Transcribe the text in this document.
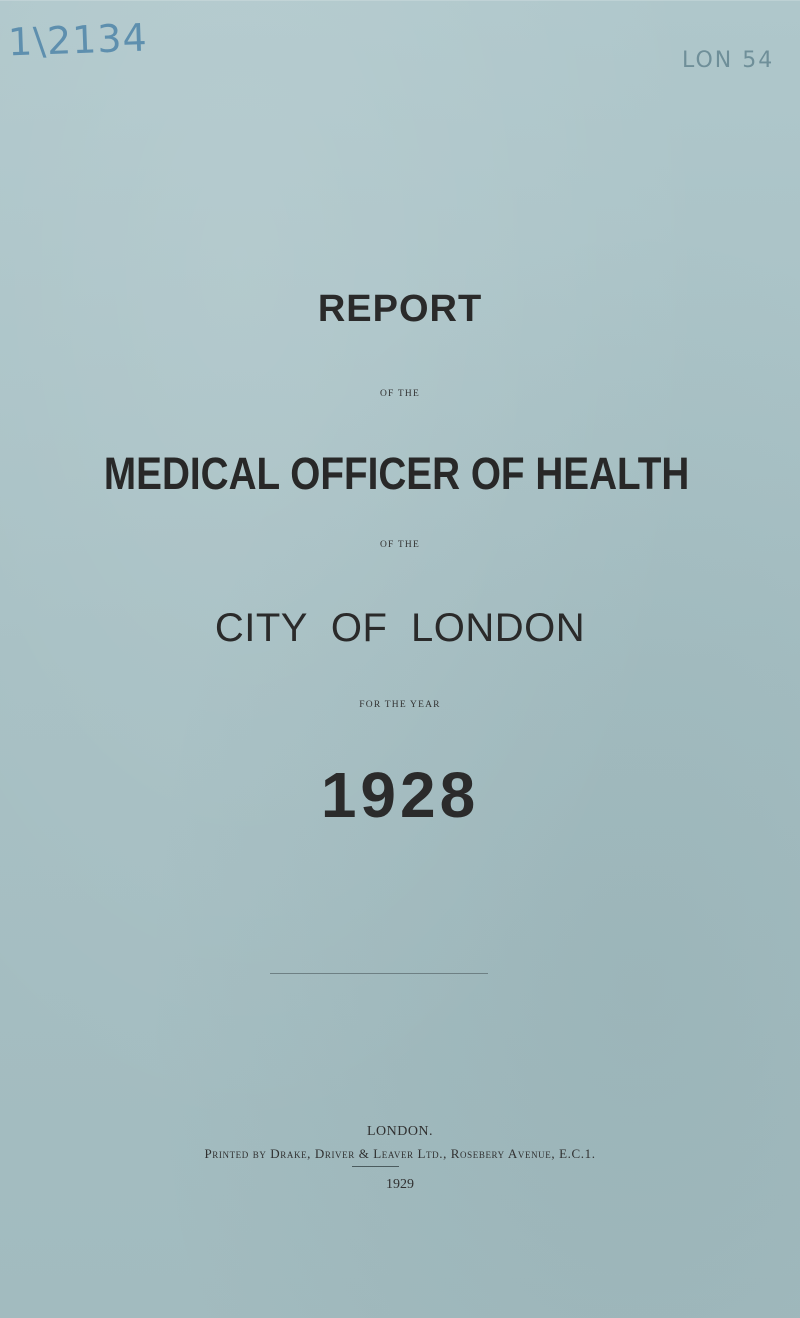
1\2134	LON 54
REPORT
OF THE
MEDICAL OFFICER OF HEALTH
OF THE
CITY OF LONDON
FOR THE YEAR
1928
LONDON.
Printed by Drake, Driver & Leaver Ltd., Rosebery Avenue, E.C.1.
1929
